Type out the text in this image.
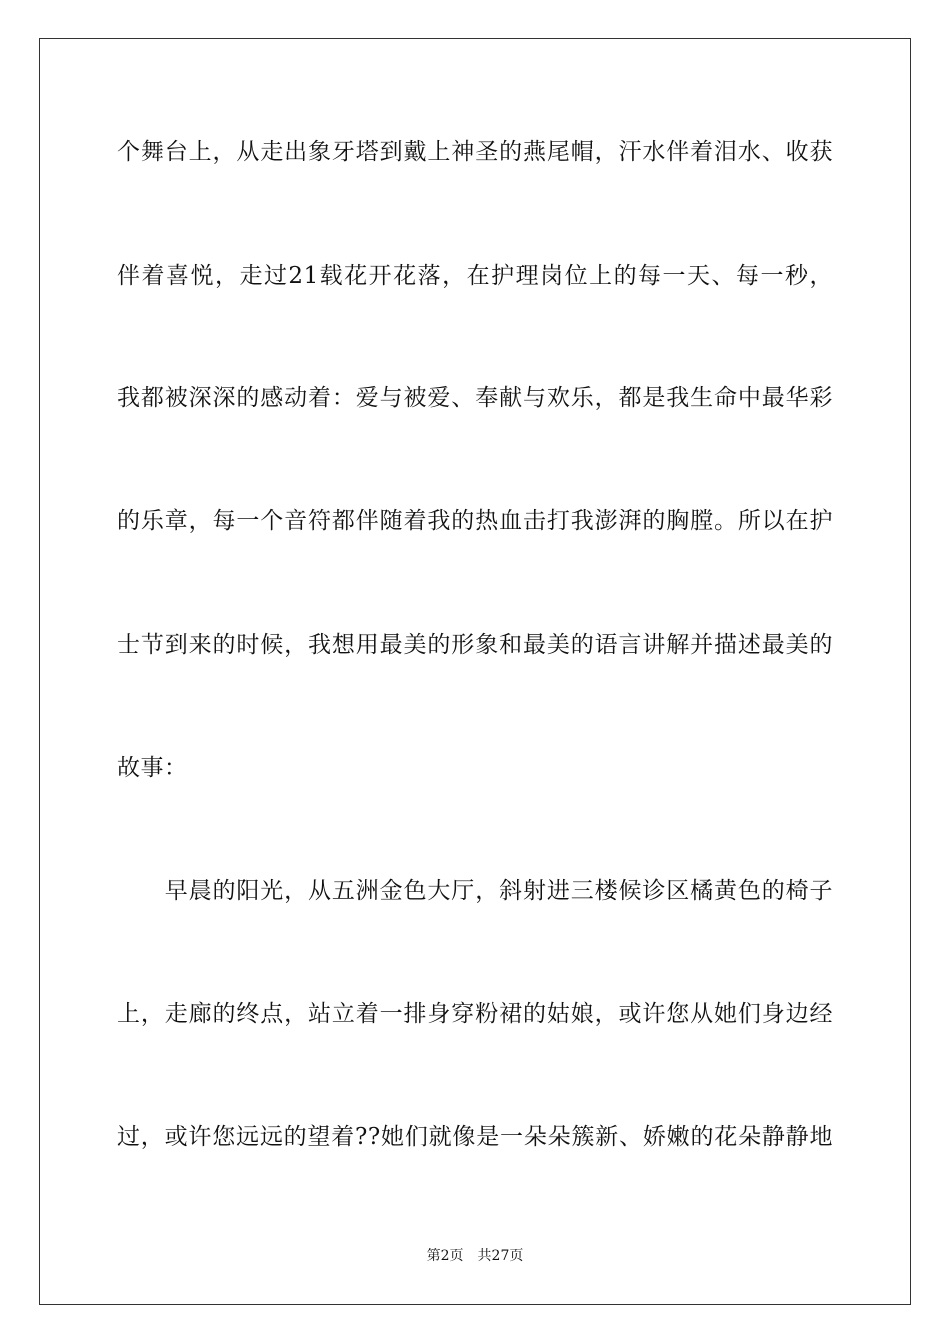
个舞台上，从走出象牙塔到戴上神圣的燕尾帽，汗水伴着泪水、收获
伴着喜悦，走过21载花开花落，在护理岗位上的每一天、每一秒，
我都被深深的感动着：爱与被爱、奉献与欢乐，都是我生命中最华彩
的乐章，每一个音符都伴随着我的热血击打我澎湃的胸膛。所以在护
士节到来的时候，我想用最美的形象和最美的语言讲解并描述最美的
故事：
　　早晨的阳光，从五洲金色大厅，斜射进三楼候诊区橘黄色的椅子
上，走廊的终点，站立着一排身穿粉裙的姑娘，或许您从她们身边经
过，或许您远远的望着??她们就像是一朵朵簇新、娇嫩的花朵静静地
第2页　共27页
